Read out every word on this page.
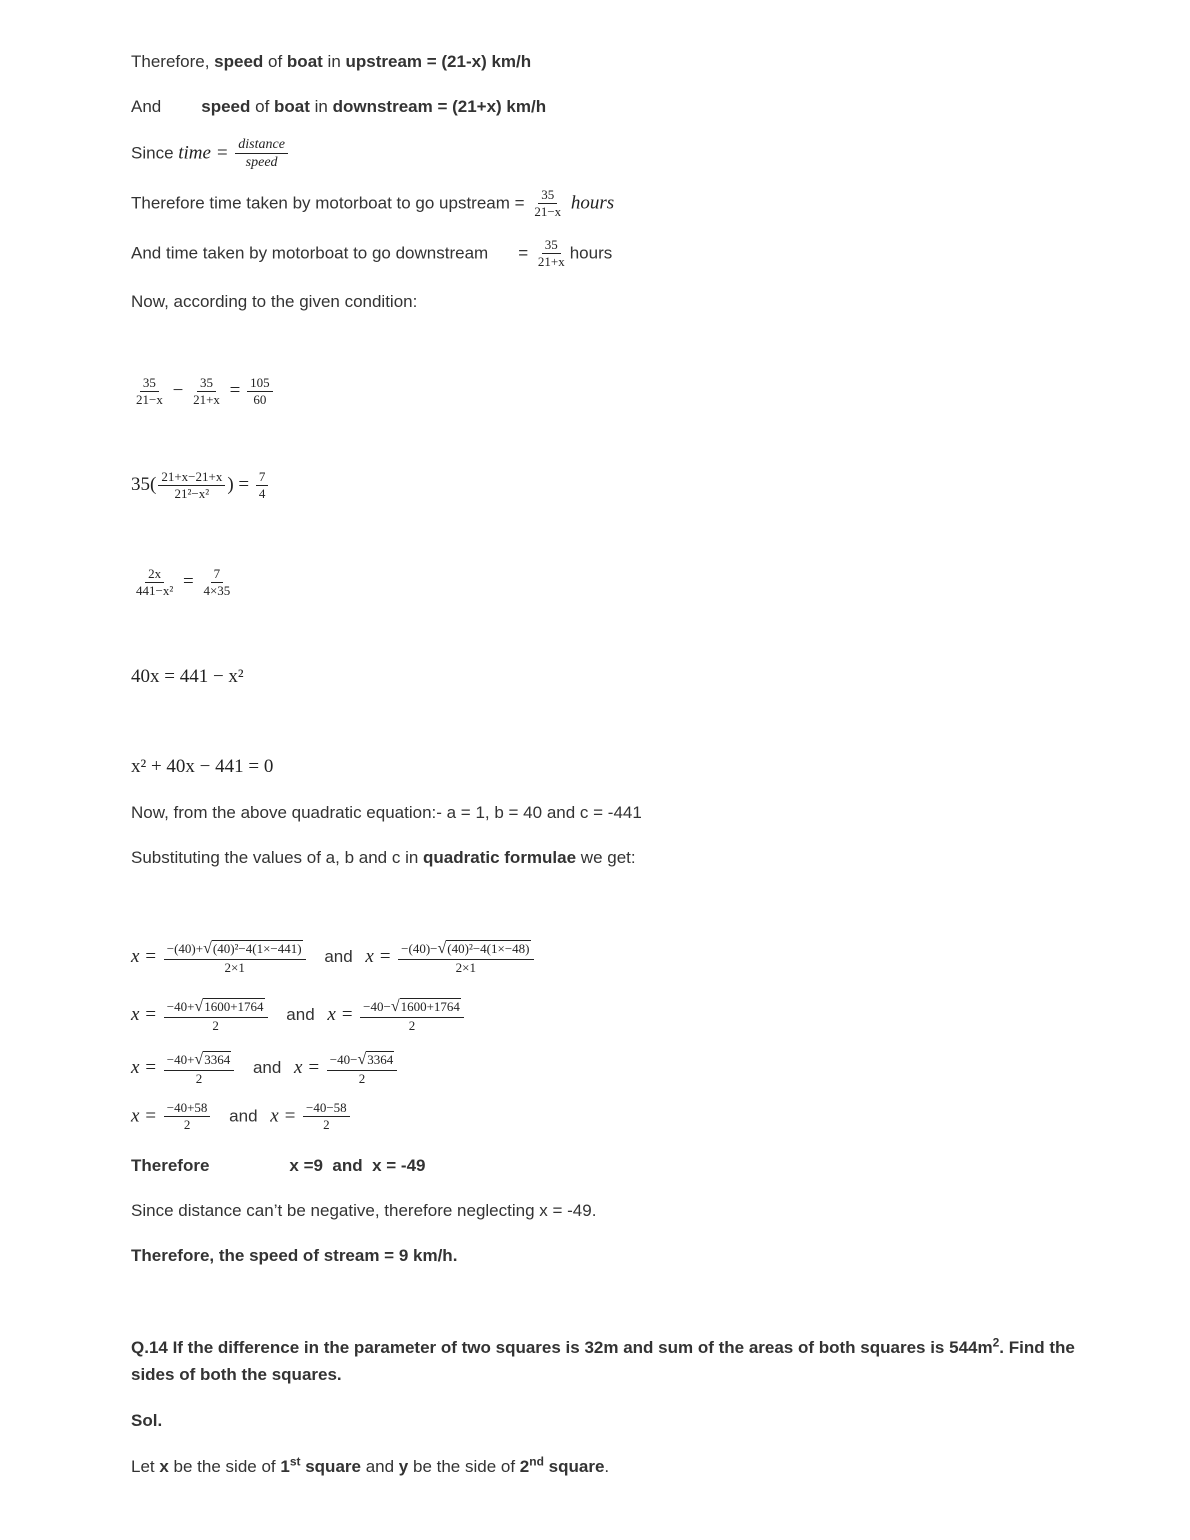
Therefore, speed of boat in upstream = (21-x) km/h
And speed of boat in downstream = (21+x) km/h
Since time = $\frac{\text{distance}}{\text{speed}}$
Therefore time taken by motorboat to go upstream = $\frac{35}{21-x}$ hours
And time taken by motorboat to go downstream = $\frac{35}{21+x}$ hours
Now, according to the given condition:
$\frac{35}{21-x} - \frac{35}{21+x} = \frac{105}{60}$
$35( \frac{21+x-21+x}{\text{21²−x²}}$ ) = $\frac{7}{4}$
$\frac{2x}{\text{441−x²}} = \frac{7}{4\times 35}$
40x = 441 − x²
x² + 40x − 441 = 0
Now, from the above quadratic equation:- a = 1, b = 40 and c = -441
Substituting the values of a, b and c in quadratic formulae we get:
$x = \frac{\text{−(40)+√(40)²−4(1×−441)}}{2\times 1}$ and $x = \frac{\text{−(40)−√(40)²−4(1×−48)}}{2\times 1}$
$x = \frac{-40+√1600+1764}{2}$ and $x = \frac{-40-√1600+1764}{2}$
$x = \frac{-40+√3364}{2}$ and $x = \frac{-40-√3364}{2}$
$x = \frac{-40+58}{2}$ and $x = \frac{-40-58}{2}$
Therefore	x =9  and  x = -49
Since distance can’t be negative, therefore neglecting x = -49.
Therefore, the speed of stream = 9 km/h.
Q.14 If the difference in the parameter of two squares is 32m and sum of the areas of both squares is $544m^2$. Find the sides of both the squares.
Sol.
Let x be the side of 1st square and y be the side of 2nd square.
